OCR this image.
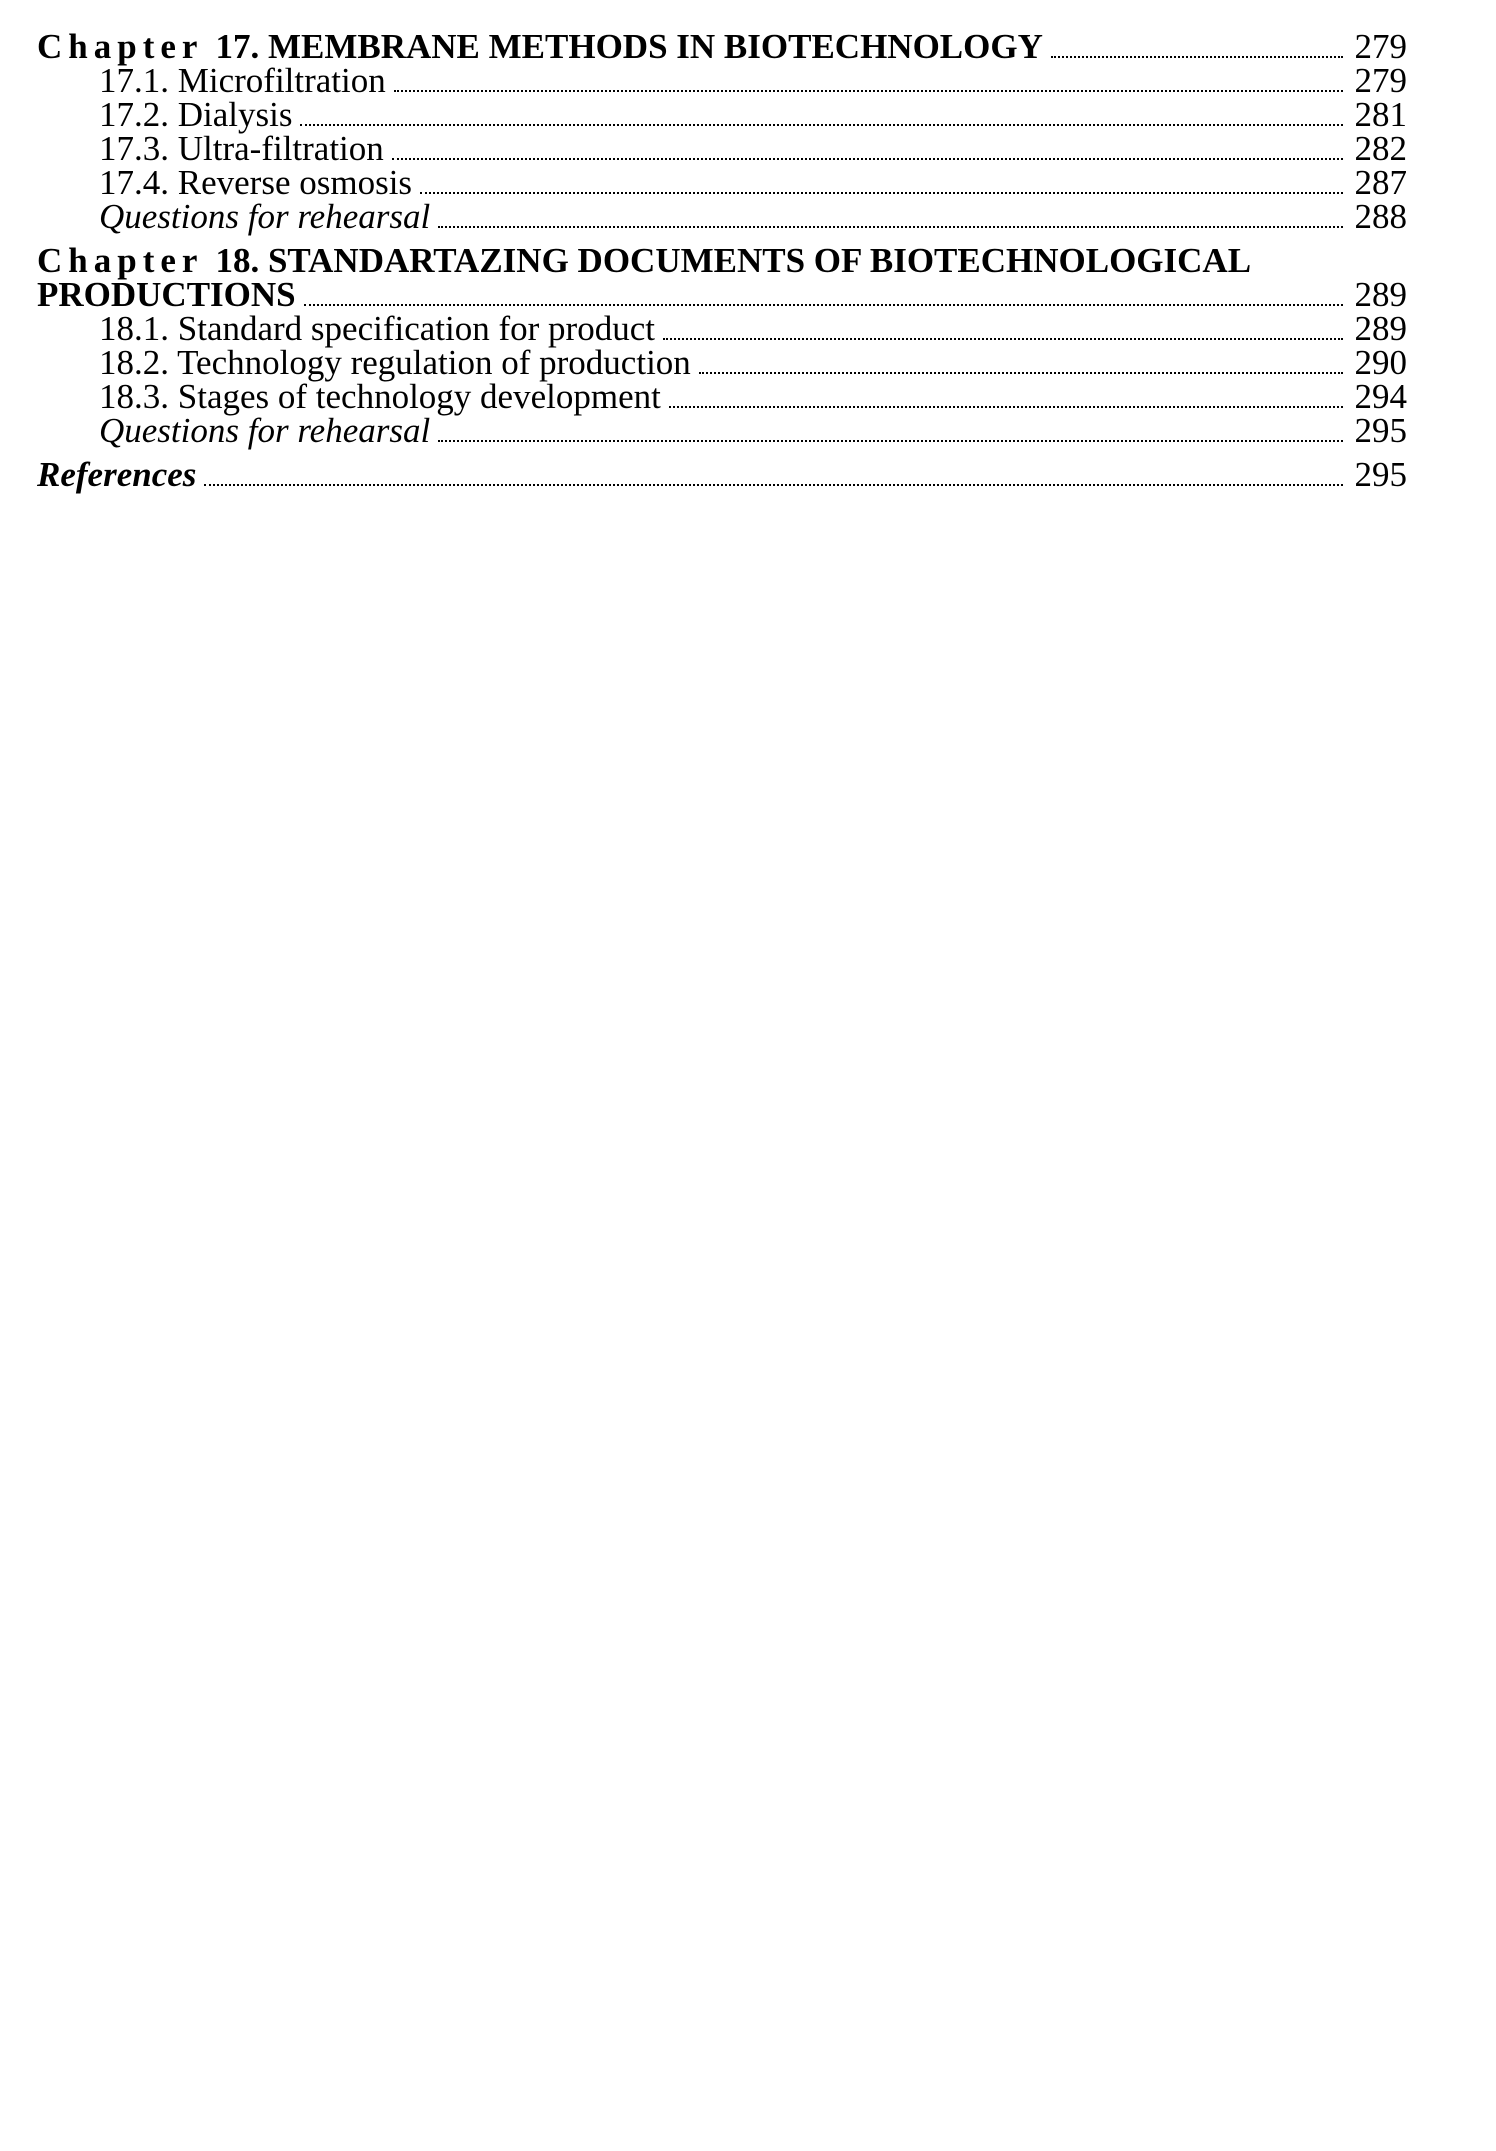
Chapter 17. MEMBRANE METHODS IN BIOTECHNOLOGY	279
17.1. Microfiltration	279
17.2. Dialysis	281
17.3. Ultra-filtration	282
17.4. Reverse osmosis	287
Questions for rehearsal	288
Chapter 18. STANDARTAZING DOCUMENTS OF BIOTECHNOLOGICAL
PRODUCTIONS	289
18.1. Standard specification for product	289
18.2. Technology regulation of production	290
18.3. Stages of technology development	294
Questions for rehearsal	295
References	295
